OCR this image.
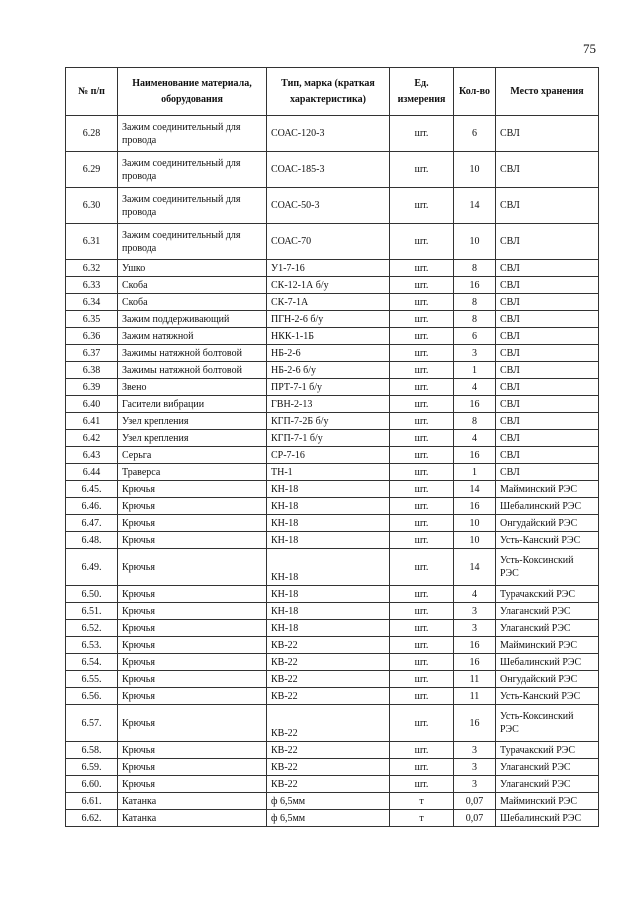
75
№ п/п	Наименование материала, оборудования	Тип, марка (краткая характеристика)	Ед. измерения	Кол-во	Место хранения
6.28	Зажим соединительный для провода	СОАС-120-3	шт.	6	СВЛ
6.29	Зажим соединительный для провода	СОАС-185-3	шт.	10	СВЛ
6.30	Зажим соединительный для провода	СОАС-50-3	шт.	14	СВЛ
6.31	Зажим соединительный для провода	СОАС-70	шт.	10	СВЛ
6.32	Ушко	У1-7-16	шт.	8	СВЛ
6.33	Скоба	СК-12-1А б/у	шт.	16	СВЛ
6.34	Скоба	СК-7-1А	шт.	8	СВЛ
6.35	Зажим поддерживающий	ПГН-2-6 б/у	шт.	8	СВЛ
6.36	Зажим натяжной	НКК-1-1Б	шт.	6	СВЛ
6.37	Зажимы натяжной болтовой	НБ-2-6	шт.	3	СВЛ
6.38	Зажимы натяжной болтовой	НБ-2-6 б/у	шт.	1	СВЛ
6.39	Звено	ПРТ-7-1 б/у	шт.	4	СВЛ
6.40	Гасители вибрации	ГВН-2-13	шт.	16	СВЛ
6.41	Узел крепления	КГП-7-2Б б/у	шт.	8	СВЛ
6.42	Узел крепления	КГП-7-1 б/у	шт.	4	СВЛ
6.43	Серьга	СР-7-16	шт.	16	СВЛ
6.44	Траверса	ТН-1	шт.	1	СВЛ
6.45.	Крючья	КН-18	шт.	14	Майминский РЭС
6.46.	Крючья	КН-18	шт.	16	Шебалинский РЭС
6.47.	Крючья	КН-18	шт.	10	Онгудайский РЭС
6.48.	Крючья	КН-18	шт.	10	Усть-Канский РЭС
6.49.	Крючья	КН-18	шт.	14	Усть-Коксинский РЭС
6.50.	Крючья	КН-18	шт.	4	Турачакский РЭС
6.51.	Крючья	КН-18	шт.	3	Улаганский РЭС
6.52.	Крючья	КН-18	шт.	3	Улаганский РЭС
6.53.	Крючья	КВ-22	шт.	16	Майминский РЭС
6.54.	Крючья	КВ-22	шт.	16	Шебалинский РЭС
6.55.	Крючья	КВ-22	шт.	11	Онгудайский РЭС
6.56.	Крючья	КВ-22	шт.	11	Усть-Канский РЭС
6.57.	Крючья	КВ-22	шт.	16	Усть-Коксинский РЭС
6.58.	Крючья	КВ-22	шт.	3	Турачакский РЭС
6.59.	Крючья	КВ-22	шт.	3	Улаганский РЭС
6.60.	Крючья	КВ-22	шт.	3	Улаганский РЭС
6.61.	Катанка	ф 6,5мм	т	0,07	Майминский РЭС
6.62.	Катанка	ф 6,5мм	т	0,07	Шебалинский РЭС
